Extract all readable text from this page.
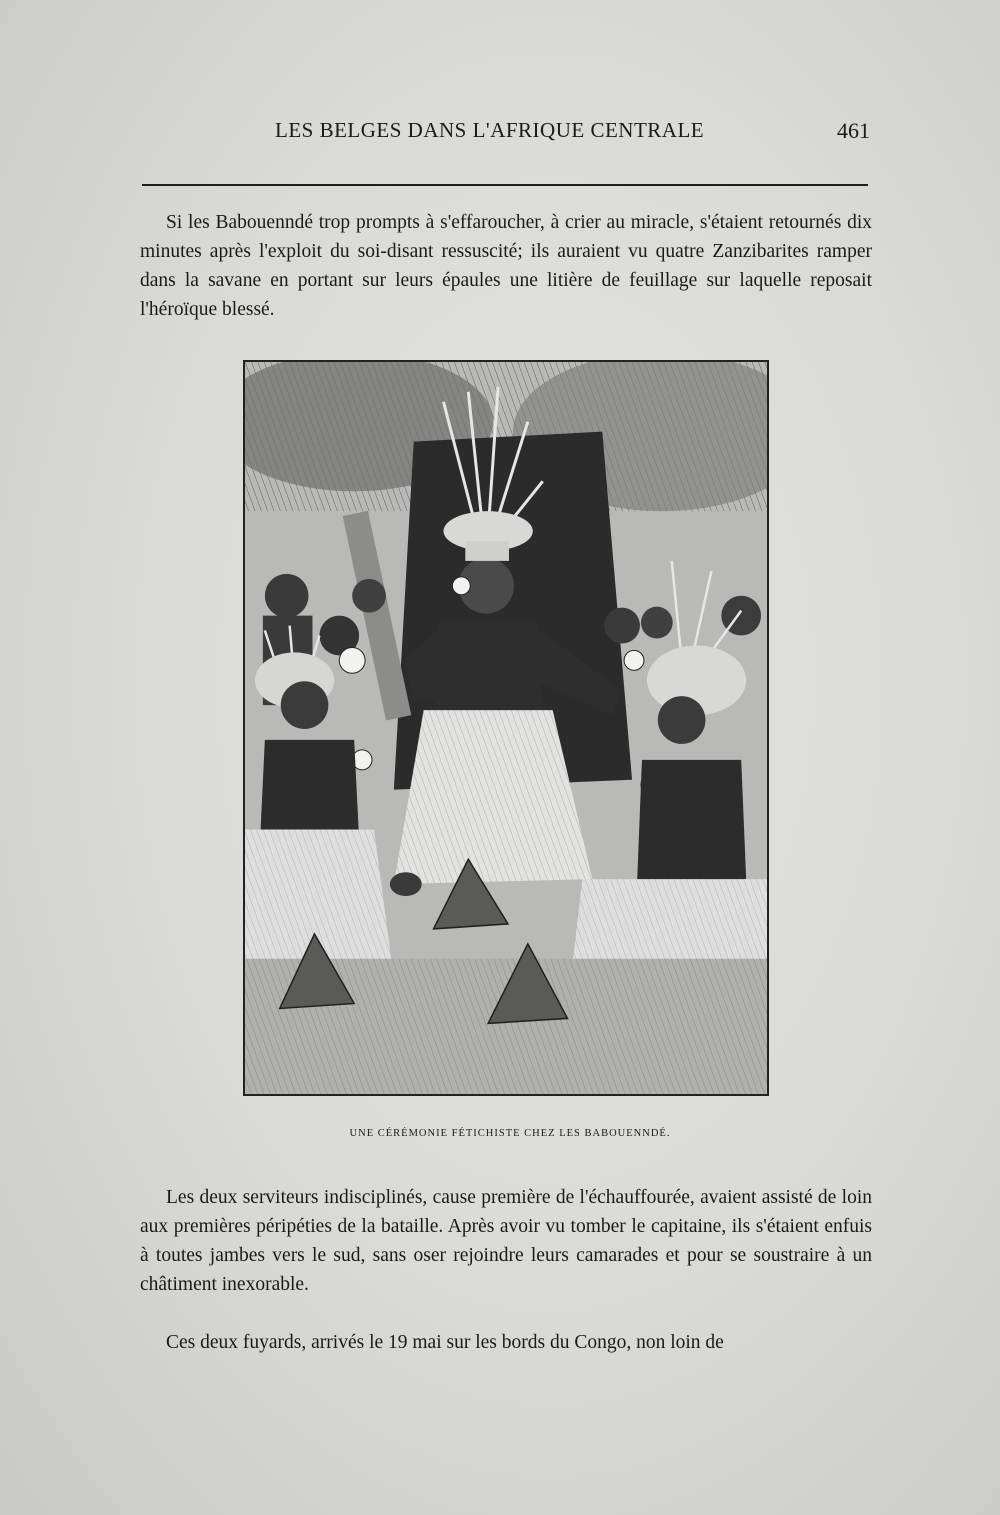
LES BELGES DANS L'AFRIQUE CENTRALE	461

Si les Babouenndé trop prompts à s'effaroucher, à crier au miracle, s'étaient retournés dix minutes après l'exploit du soi-disant ressuscité; ils auraient vu quatre Zanzibarites ramper dans la savane en portant sur leurs épaules une litière de feuillage sur laquelle reposait l'héroïque blessé.

UNE CÉRÉMONIE FÉTICHISTE CHEZ LES BABOUENNDÉ.

Les deux serviteurs indisciplinés, cause première de l'échauffourée, avaient assisté de loin aux premières péripéties de la bataille. Après avoir vu tomber le capitaine, ils s'étaient enfuis à toutes jambes vers le sud, sans oser rejoindre leurs camarades et pour se soustraire à un châtiment inexorable.

Ces deux fuyards, arrivés le 19 mai sur les bords du Congo, non loin de
